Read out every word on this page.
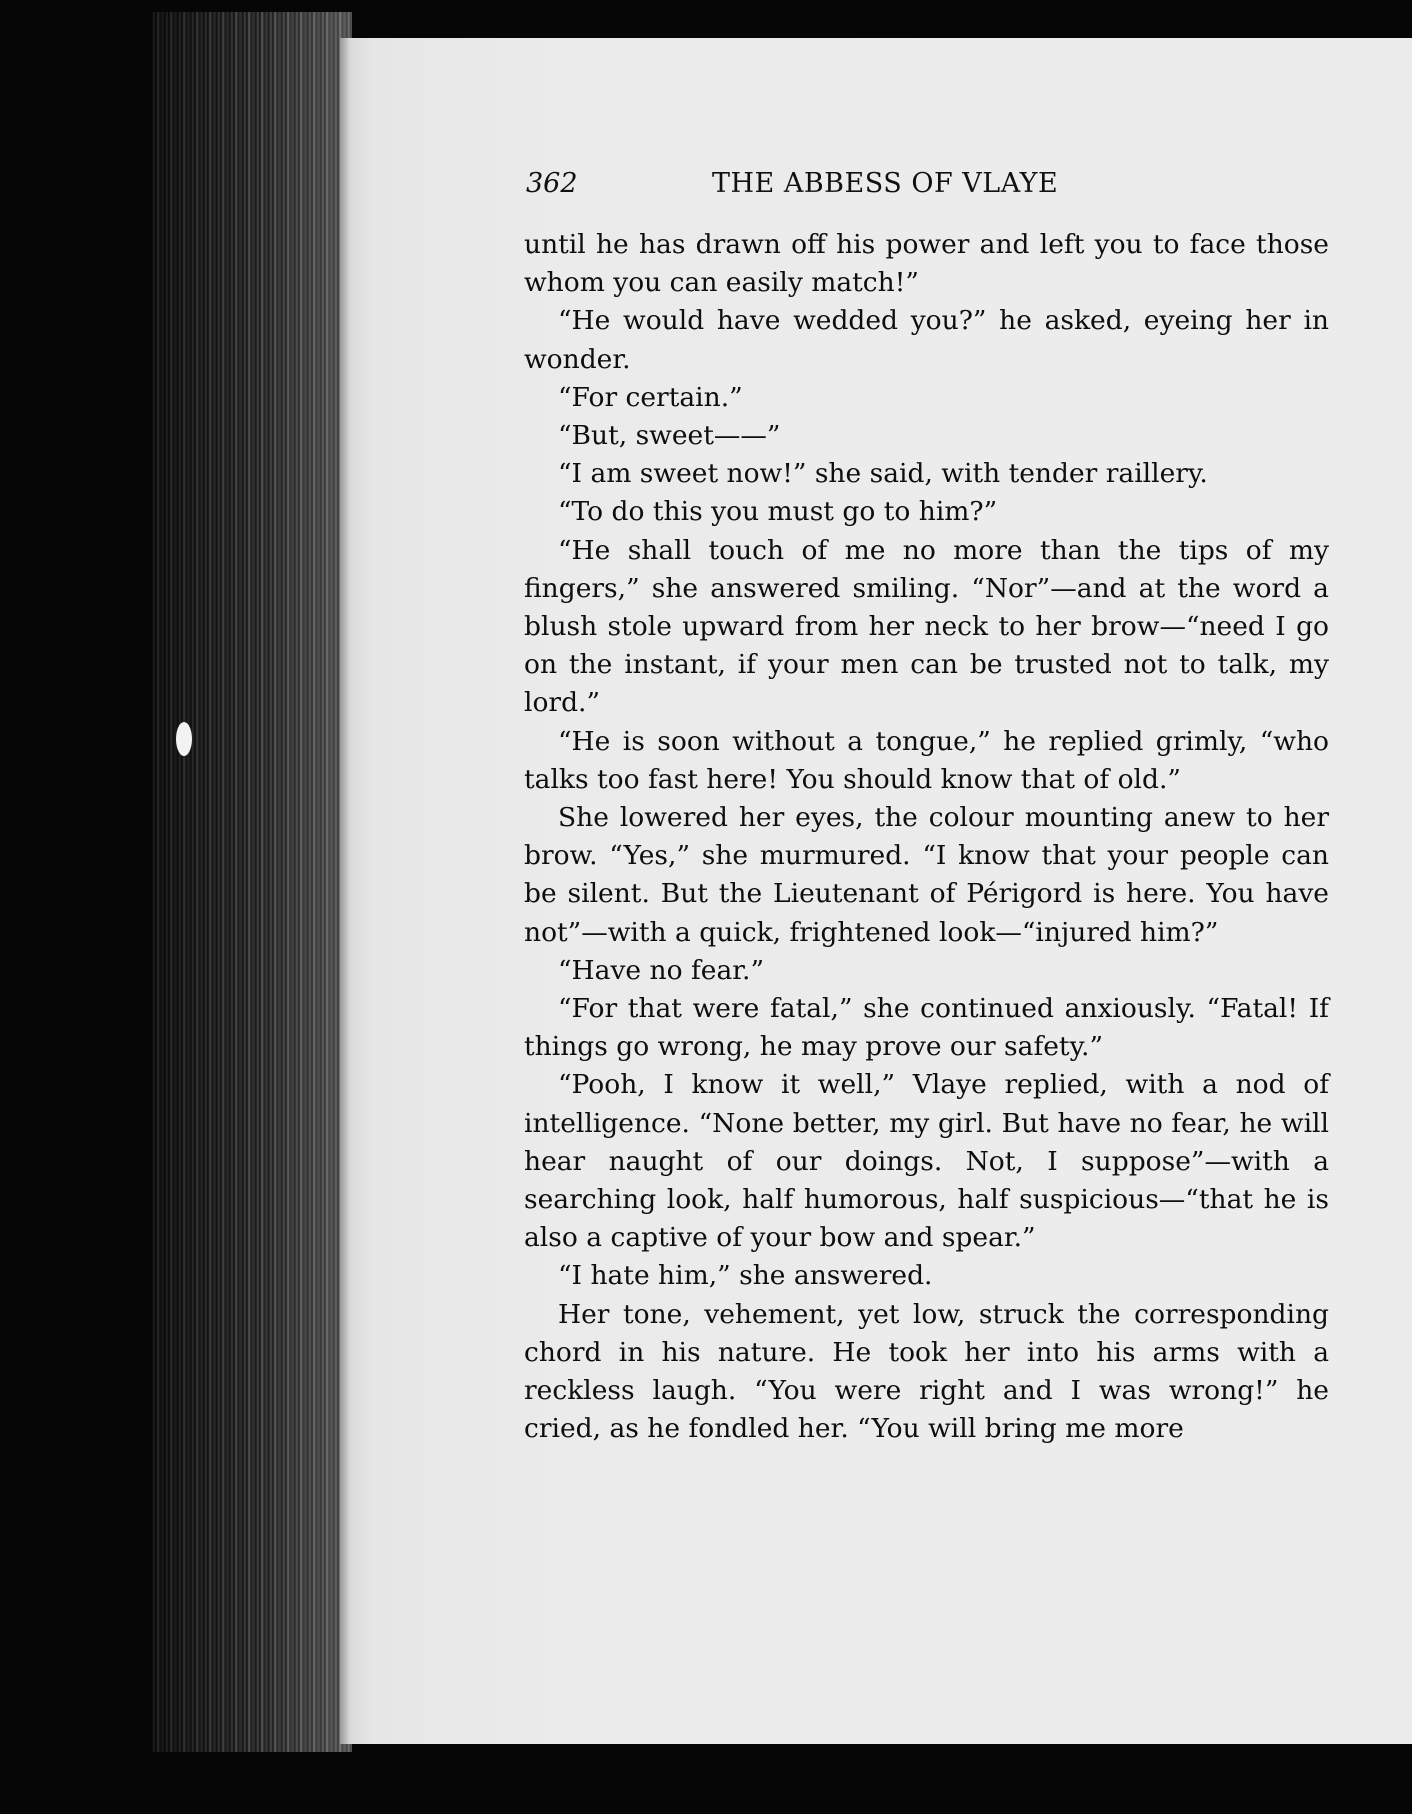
362	THE ABBESS OF VLAYE

until he has drawn off his power and left you to face those whom you can easily match!”

“He would have wedded you?” he asked, eyeing her in wonder.

“For certain.”

“But, sweet——”

“I am sweet now!” she said, with tender raillery.

“To do this you must go to him?”

“He shall touch of me no more than the tips of my fingers,” she answered smiling. “Nor”—and at the word a blush stole upward from her neck to her brow—“need I go on the instant, if your men can be trusted not to talk, my lord.”

“He is soon without a tongue,” he replied grimly, “who talks too fast here! You should know that of old.”

She lowered her eyes, the colour mounting anew to her brow. “Yes,” she murmured. “I know that your people can be silent. But the Lieutenant of Périgord is here. You have not”—with a quick, frightened look—“injured him?”

“Have no fear.”

“For that were fatal,” she continued anxiously. “Fatal! If things go wrong, he may prove our safety.”

“Pooh, I know it well,” Vlaye replied, with a nod of intelligence. “None better, my girl. But have no fear, he will hear naught of our doings. Not, I suppose”—with a searching look, half humorous, half suspicious—“that he is also a captive of your bow and spear.”

“I hate him,” she answered.

Her tone, vehement, yet low, struck the corresponding chord in his nature. He took her into his arms with a reckless laugh. “You were right and I was wrong!” he cried, as he fondled her. “You will bring me more
